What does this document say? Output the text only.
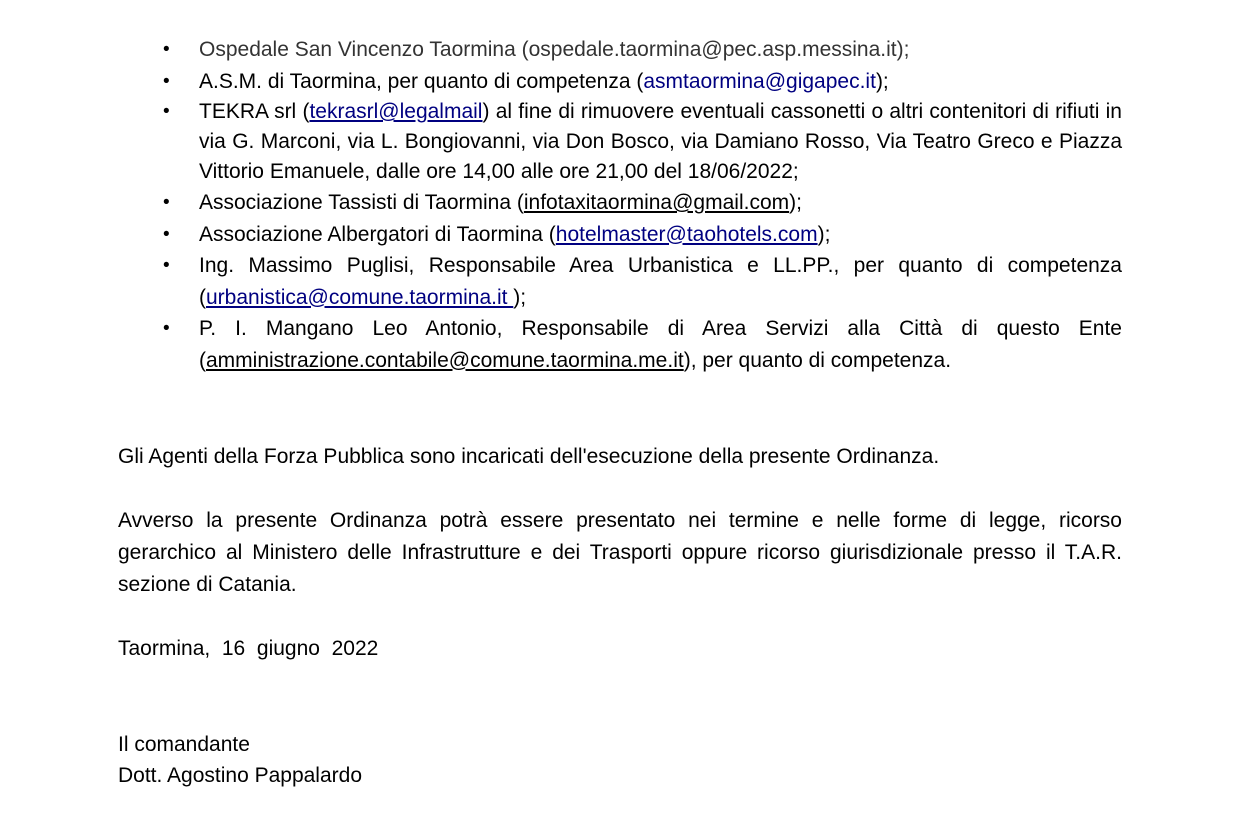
• Ospedale San Vincenzo Taormina (ospedale.taormina@pec.asp.messina.it);
• A.S.M. di Taormina, per quanto di competenza (asmtaormina@gigapec.it);
• TEKRA srl (tekrasrl@legalmail) al fine di rimuovere eventuali cassonetti o altri contenitori di rifiuti in via G. Marconi, via L. Bongiovanni, via Don Bosco, via Damiano Rosso, Via Teatro Greco e Piazza Vittorio Emanuele, dalle ore 14,00 alle ore 21,00 del 18/06/2022;
• Associazione Tassisti di Taormina (infotaxitaormina@gmail.com);
• Associazione Albergatori di Taormina (hotelmaster@taohotels.com);
• Ing. Massimo Puglisi, Responsabile Area Urbanistica e LL.PP., per quanto di competenza (urbanistica@comune.taormina.it );
• P. I. Mangano Leo Antonio, Responsabile di Area Servizi alla Città di questo Ente (amministrazione.contabile@comune.taormina.me.it), per quanto di competenza.

Gli Agenti della Forza Pubblica sono incaricati dell'esecuzione della presente Ordinanza.

Avverso la presente Ordinanza potrà essere presentato nei termine e nelle forme di legge, ricorso gerarchico al Ministero delle Infrastrutture e dei Trasporti oppure ricorso giurisdizionale presso il T.A.R. sezione di Catania.

Taormina,  16  giugno  2022

Il comandante

Dott. Agostino Pappalardo
